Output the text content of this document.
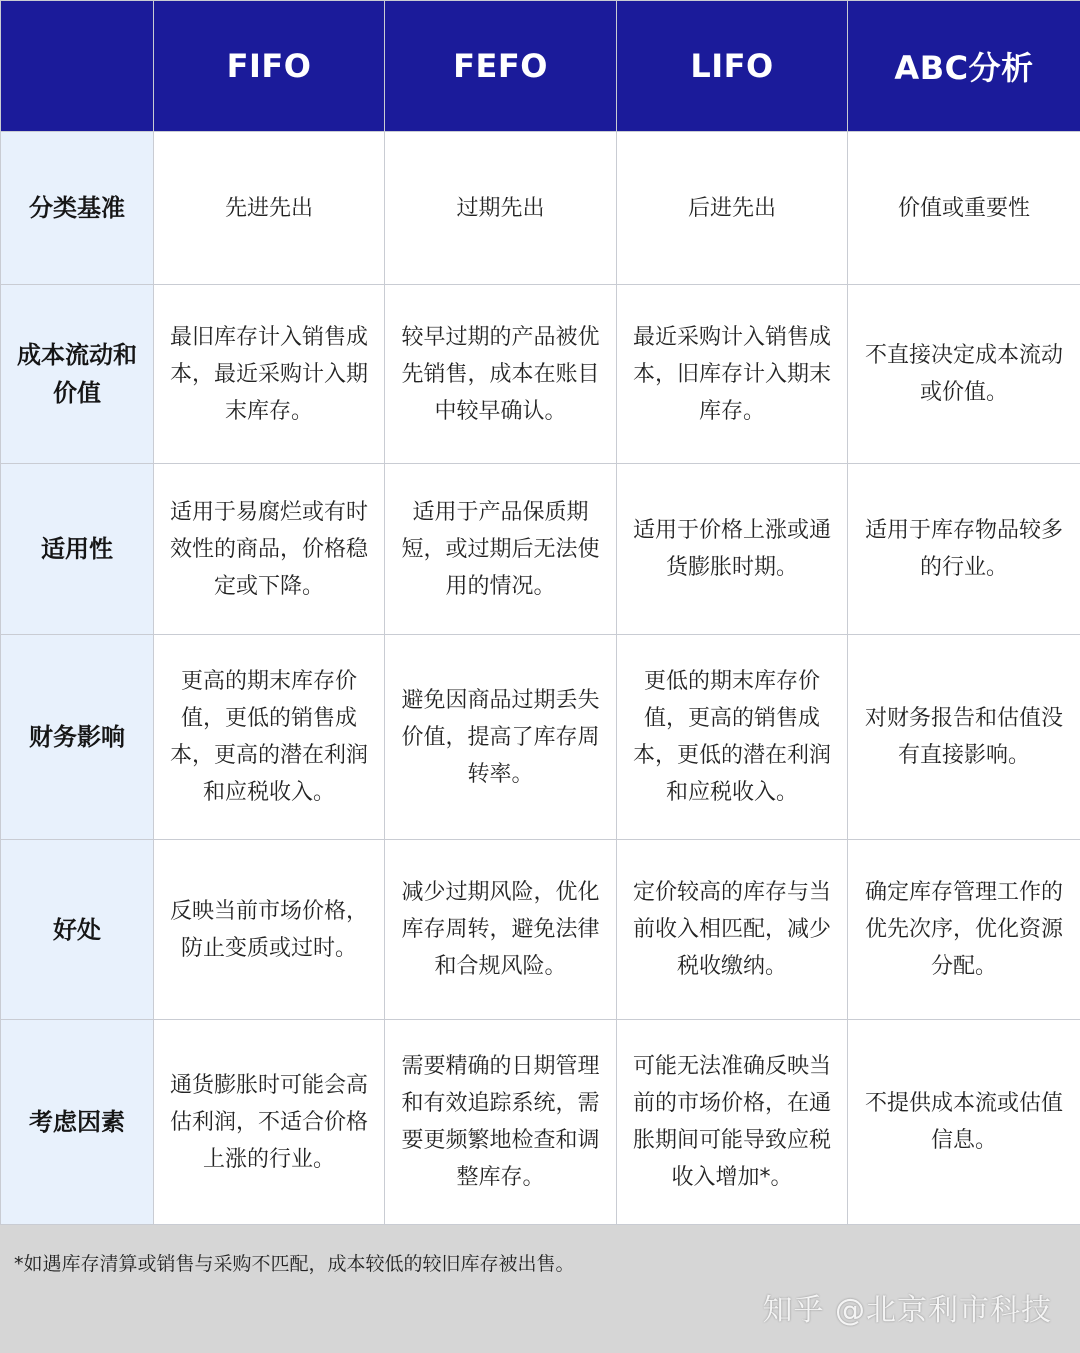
	FIFO	FEFO	LIFO	ABC分析
分类基准	先进先出	过期先出	后进先出	价值或重要性
成本流动和价值	最旧库存计入销售成本，最近采购计入期末库存。	较早过期的产品被优先销售，成本在账目中较早确认。	最近采购计入销售成本，旧库存计入期末库存。	不直接决定成本流动或价值。
适用性	适用于易腐烂或有时效性的商品，价格稳定或下降。	适用于产品保质期短，或过期后无法使用的情况。	适用于价格上涨或通货膨胀时期。	适用于库存物品较多的行业。
财务影响	更高的期末库存价值，更低的销售成本，更高的潜在利润和应税收入。	避免因商品过期丢失价值，提高了库存周转率。	更低的期末库存价值，更高的销售成本，更低的潜在利润和应税收入。	对财务报告和估值没有直接影响。
好处	反映当前市场价格，防止变质或过时。	减少过期风险，优化库存周转，避免法律和合规风险。	定价较高的库存与当前收入相匹配，减少税收缴纳。	确定库存管理工作的优先次序，优化资源分配。
考虑因素	通货膨胀时可能会高估利润，不适合价格上涨的行业。	需要精确的日期管理和有效追踪系统，需要更频繁地检查和调整库存。	可能无法准确反映当前的市场价格，在通胀期间可能导致应税收入增加*。	不提供成本流或估值信息。
*如遇库存清算或销售与采购不匹配，成本较低的较旧库存被出售。
知乎 @北京利市科技
